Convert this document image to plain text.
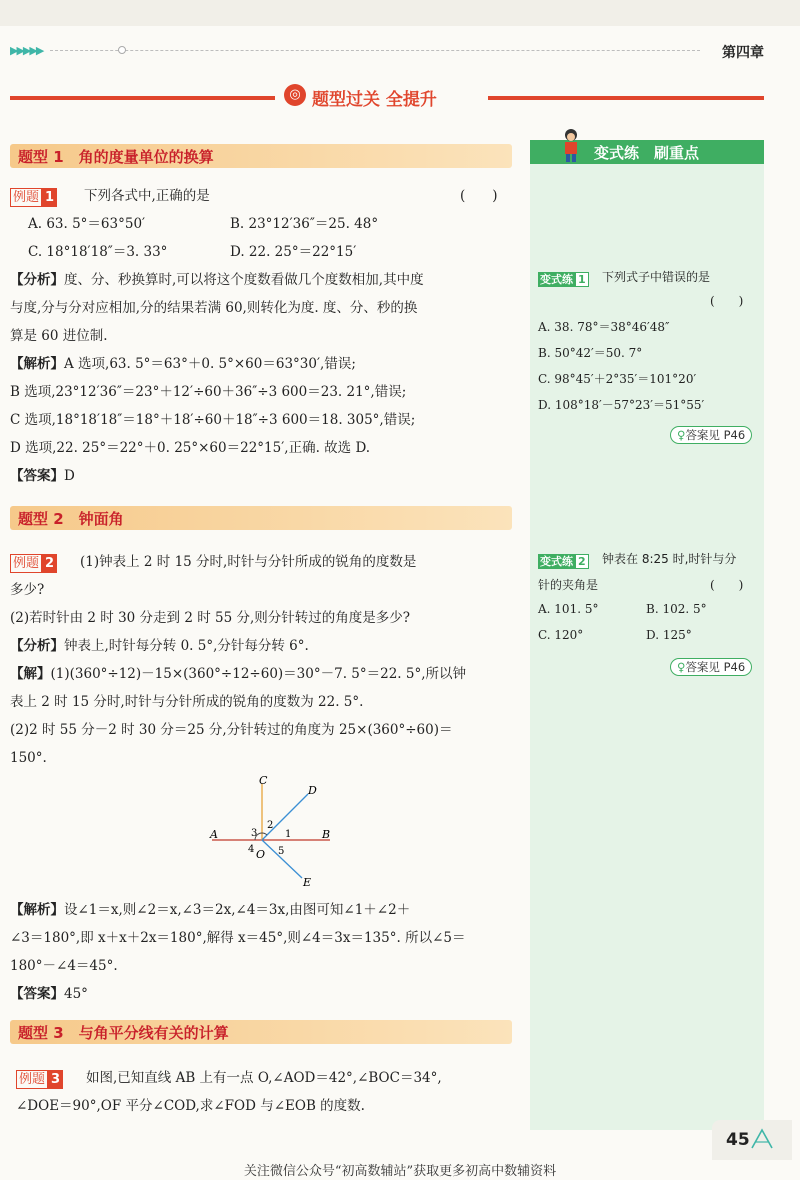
▶▶▶▶▶	第四章
◎ 题型过关 全提升
题型 1　角的度量单位的换算
例题 1 下列各式中,正确的是	(　　)
A. 63. 5°＝63°50′	B. 23°12′36″＝25. 48°
C. 18°18′18″＝3. 33°	D. 22. 25°＝22°15′
【分析】度、分、秒换算时,可以将这个度数看做几个度数相加,其中度
与度,分与分对应相加,分的结果若满 60,则转化为度. 度、分、秒的换
算是 60 进位制.
【解析】A 选项,63. 5°＝63°＋0. 5°×60＝63°30′,错误;
B 选项,23°12′36″＝23°＋12′÷60＋36″÷3 600＝23. 21°,错误;
C 选项,18°18′18″＝18°＋18′÷60＋18″÷3 600＝18. 305°,错误;
D 选项,22. 25°＝22°＋0. 25°×60＝22°15′,正确. 故选 D.
【答案】D
题型 2　钟面角
例题 2 (1)钟表上 2 时 15 分时,时针与分针所成的锐角的度数是
多少?
(2)若时针由 2 时 30 分走到 2 时 55 分,则分针转过的角度是多少?
【分析】钟表上,时针每分转 0. 5°,分针每分转 6°.
【解】(1)(360°÷12)－15×(360°÷12÷60)＝30°－7. 5°＝22. 5°,所以钟
表上 2 时 15 分时,时针与分针所成的锐角的度数为 22. 5°.
(2)2 时 55 分－2 时 30 分＝25 分,分针转过的角度为 25×(360°÷60)＝
150°.
A	B
C
D
E
O
1
2
3
4 5
【解析】设∠1＝x,则∠2＝x,∠3＝2x,∠4＝3x,由图可知∠1＋∠2＋
∠3＝180°,即 x＋x＋2x＝180°,解得 x＝45°,则∠4＝3x＝135°. 所以∠5＝
180°－∠4＝45°.
【答案】45°
题型 3　与角平分线有关的计算
例题 3 如图,已知直线 AB 上有一点 O,∠AOD＝42°,∠BOC＝34°,
∠DOE＝90°,OF 平分∠COD,求∠FOD 与∠EOB 的度数.
变式练　刷重点
变式练 1 下列式子中错误的是
(　　)
A. 38. 78°＝38°46′48″
B. 50°42′＝50. 7°
C. 98°45′＋2°35′＝101°20′
D. 108°18′－57°23′＝51°55′
♀答案见 P46
变式练 2 钟表在 8:25 时,时针与分
针的夹角是	(　　)
A. 101. 5°	B. 102. 5°
C. 120°	D. 125°
♀答案见 P46
45
关注微信公众号“初高数辅站”获取更多初高中数辅资料
